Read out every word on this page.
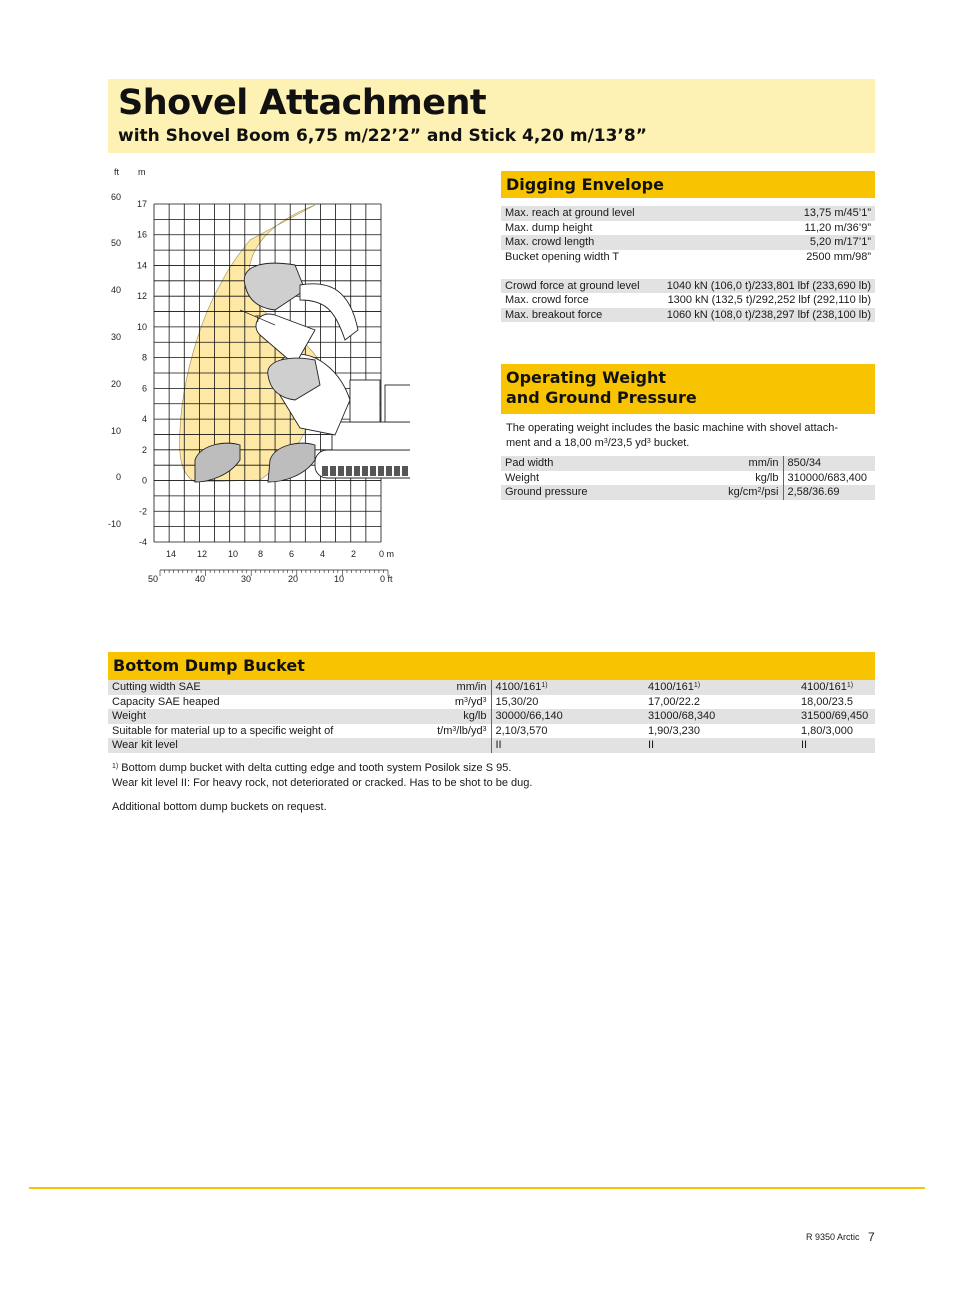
Shovel Attachment
with Shovel Boom 6,75 m/22’2” and Stick 4,20 m/13’8”
T
ft m
60
50
40
30
20
10
0
-10
17
16
14
12
10
8
6
4
2
0
-2
-4
14 12 10 8	6	4	2	0 m
50	40	30	20	10	0 ft
Digging Envelope
Max. reach at ground level	13,75 m/45’1”
Max. dump height	11,20 m/36’9”
Max. crowd length	5,20 m/17’1”
Bucket opening width T	2500 mm/98”

Crowd force at ground level	1040 kN (106,0 t)/233,801 lbf (233,690 lb)
Max. crowd force	1300 kN (132,5 t)/292,252 lbf (292,110 lb)
Max. breakout force	1060 kN (108,0 t)/238,297 lbf (238,100 lb)
Operating Weight
and Ground Pressure
The operating weight includes the basic machine with shovel attach-
ment and a 18,00 $m^3/23,5$ $yd^3$ bucket.
Pad width	mm/in	850/34
Weight	kg/lb	310000/683,400
Ground pressure	$kg/cm^2$/psi	2,58/36.69
Bottom Dump Bucket
Cutting width SAE	mm/in	4100/161$^{1)}$	4100/161$^{1)}$	4100/161$^{1)}$
Capacity SAE heaped	$m^3/yd^3$	15,30/20	17,00/22.2	18,00/23.5
Weight	kg/lb	30000/66,140	31000/68,340	31500/69,450
Suitable for material up to a specific weight of	$t/m^3/lb/yd^3$	2,10/3,570	1,90/3,230	1,80/3,000
Wear kit level		II	II	II
$^{1)}$ Bottom dump bucket with delta cutting edge and tooth system Posilok size S 95.
Wear kit level II: For heavy rock, not deteriorated or cracked. Has to be shot to be dug.
Additional bottom dump buckets on request.
R 9350 Arctic 7
